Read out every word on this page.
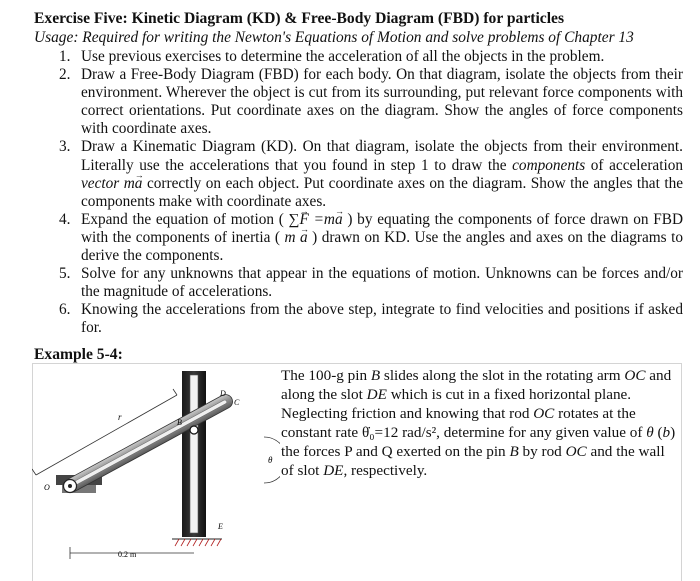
Exercise Five: Kinetic Diagram (KD) & Free-Body Diagram (FBD) for particles
Usage: Required for writing the Newton's Equations of Motion and solve problems of Chapter 13
1. Use previous exercises to determine the acceleration of all the objects in the problem.
2. Draw a Free-Body Diagram (FBD) for each body. On that diagram, isolate the objects from their environment. Wherever the object is cut from its surrounding, put relevant force components with correct orientations. Put coordinate axes on the diagram. Show the angles of force components with coordinate axes.
3. Draw a Kinematic Diagram (KD). On that diagram, isolate the objects from their environment. Literally use the accelerations that you found in step 1 to draw the components of acceleration vector m→ a correctly on each object. Put coordinate axes on the diagram. Show the angles that the components make with coordinate axes.
4. Expand the equation of motion ( ∑→ F =m→ a ) by equating the components of force drawn on FBD with the components of inertia ( m → a ) drawn on KD. Use the angles and axes on the diagrams to derive the components.
5. Solve for any unknowns that appear in the equations of motion. Unknowns can be forces and/or the magnitude of accelerations.
6. Knowing the accelerations from the above step, integrate to find velocities and positions if asked for.
Example 5-4:
r
B
D
C
O
E
θ
0.2 m
The 100-g pin B slides along the slot in the rotating arm OC and along the slot DE which is cut in a fixed horizontal plane. Neglecting friction and knowing that rod OC rotates at the constant rate θ̇₀=12 rad/s², determine for any given value of θ (b) the forces P and Q exerted on the pin B by rod OC and the wall of slot DE, respectively.
